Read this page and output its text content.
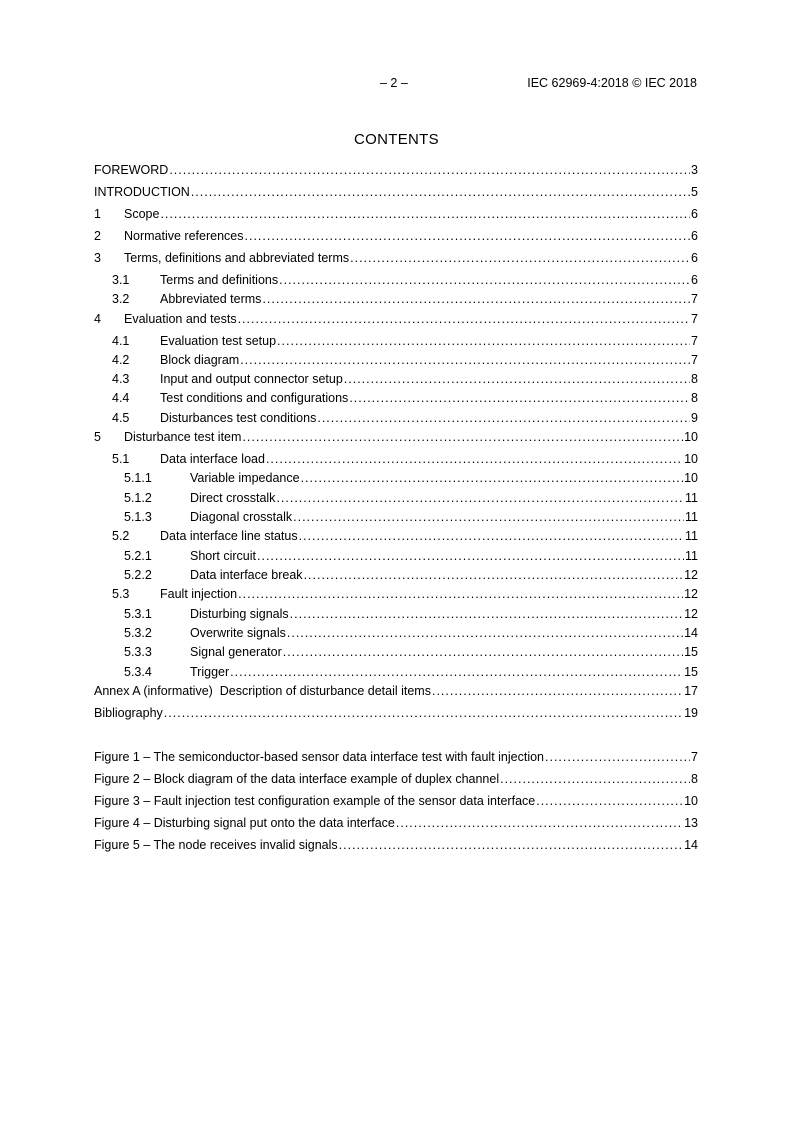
– 2 –	IEC 62969-4:2018 © IEC 2018
CONTENTS
FOREWORD .....	3
INTRODUCTION .....	5
1	Scope .....	6
2	Normative references .....	6
3	Terms, definitions and abbreviated terms .....	6
3.1	Terms and definitions .....	6
3.2	Abbreviated terms .....	7
4	Evaluation and tests .....	7
4.1	Evaluation test setup .....	7
4.2	Block diagram .....	7
4.3	Input and output connector setup .....	8
4.4	Test conditions and configurations .....	8
4.5	Disturbances test conditions .....	9
5	Disturbance test item .....	10
5.1	Data interface load .....	10
5.1.1	Variable impedance .....	10
5.1.2	Direct crosstalk .....	11
5.1.3	Diagonal crosstalk .....	11
5.2	Data interface line status .....	11
5.2.1	Short circuit .....	11
5.2.2	Data interface break .....	12
5.3	Fault injection .....	12
5.3.1	Disturbing signals .....	12
5.3.2	Overwrite signals .....	14
5.3.3	Signal generator .....	15
5.3.4	Trigger .....	15
Annex A (informative)  Description of disturbance detail items .....	17
Bibliography .....	19
Figure 1 – The semiconductor-based sensor data interface test with fault injection .....	7
Figure 2 – Block diagram of the data interface example of duplex channel .....	8
Figure 3 – Fault injection test configuration example of the sensor data interface .....	10
Figure 4 – Disturbing signal put onto the data interface .....	13
Figure 5 – The node receives invalid signals .....	14
